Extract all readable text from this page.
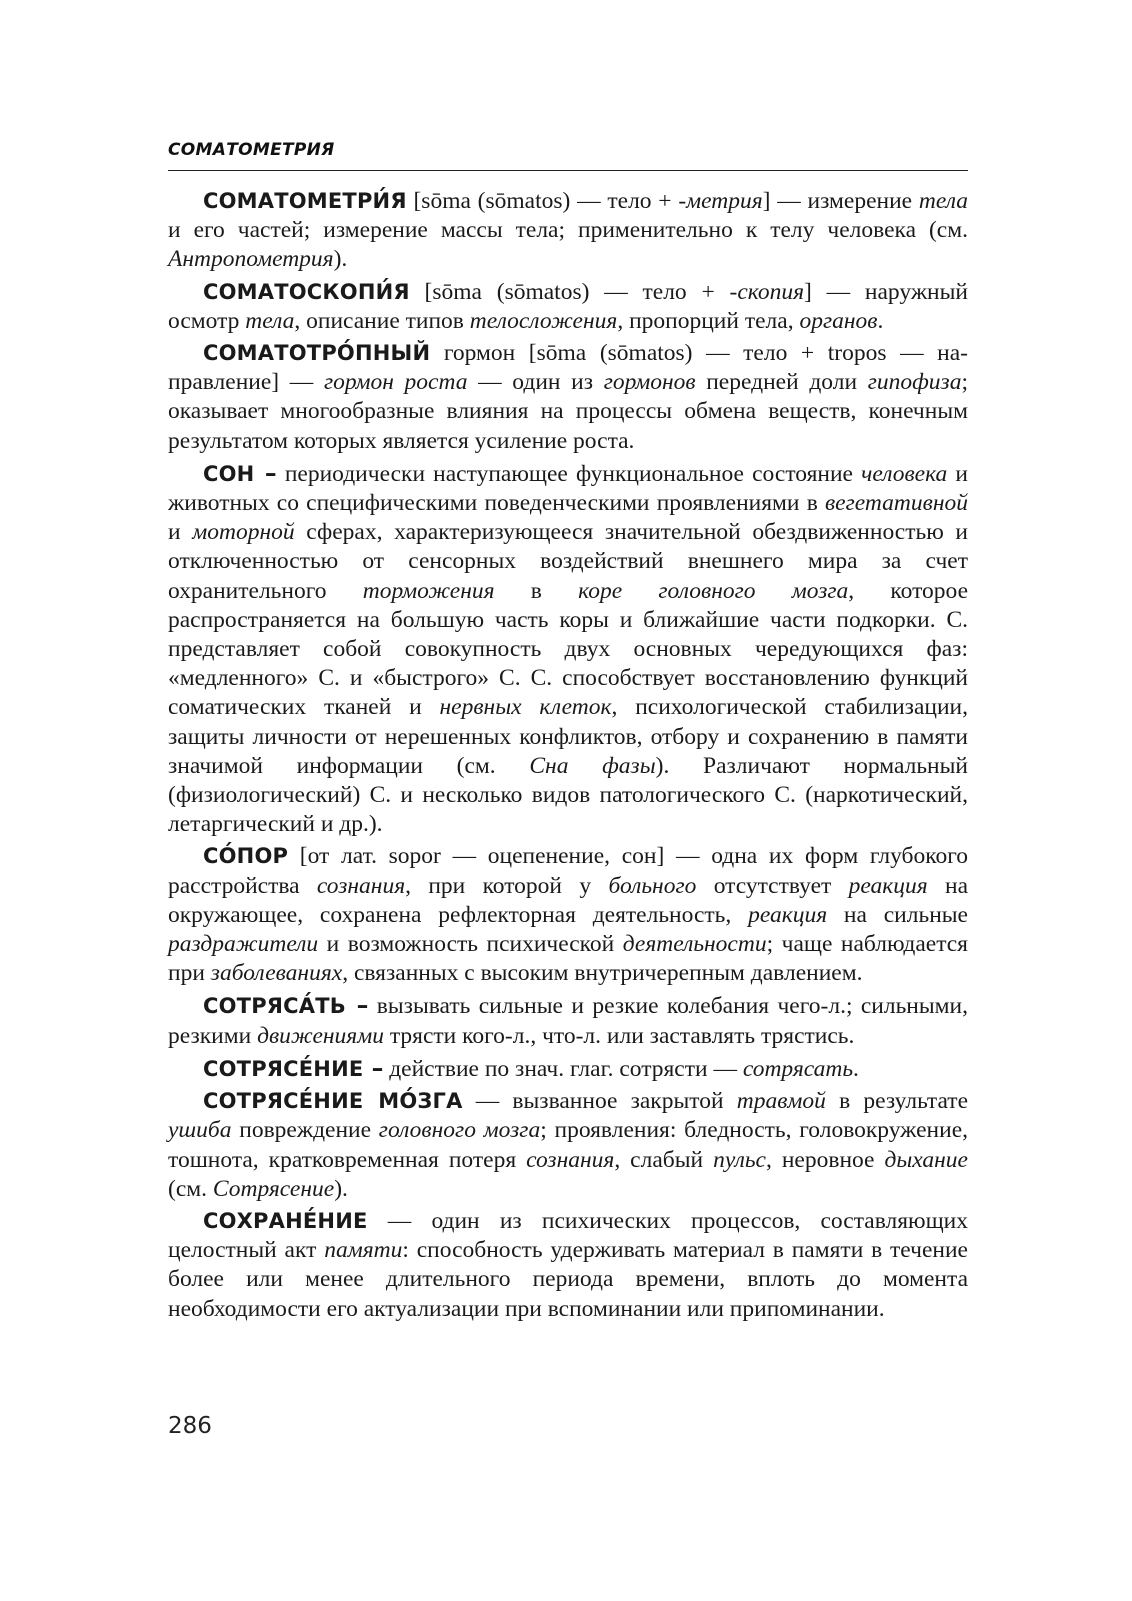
СОМАТОМЕТРИЯ

СОМАТОМЕТРИ́Я [sōma (sōmatos) — тело + -метрия] — измерение тела и его частей; измерение массы тела; применительно к телу человека (см. Антропометрия).

СОМАТОСКОПИ́Я [sōma (sōmatos) — тело + -скопия] — наружный осмотр тела, описание типов телосложения, пропорций тела, органов.

СОМАТОТРО́ПНЫЙ гормон [sōma (sōmatos) — тело + tropos — направление] — гормон роста — один из гормонов передней доли гипофиза; оказывает многообразные влияния на процессы обмена веществ, конечным результатом которых является усиление роста.

СОН – периодически наступающее функциональное состояние человека и животных со специфическими поведенческими проявлениями в вегетативной и моторной сферах, характеризующееся значительной обездвиженностью и отключенностью от сенсорных воздействий внешнего мира за счет охранительного торможения в коре головного мозга, которое распространяется на большую часть коры и ближайшие части подкорки. С. представляет собой совокупность двух основных чередующихся фаз: «медленного» С. и «быстрого» С. С. способствует восстановлению функций соматических тканей и нервных клеток, психологической стабилизации, защиты личности от нерешенных конфликтов, отбору и сохранению в памяти значимой информации (см. Сна фазы). Различают нормальный (физиологический) С. и несколько видов патологического С. (наркотический, летаргический и др.).

СО́ПОР [от лат. sopor — оцепенение, сон] — одна их форм глубокого расстройства сознания, при которой у больного отсутствует реакция на окружающее, сохранена рефлекторная деятельность, реакция на сильные раздражители и возможность психической деятельности; чаще наблюдается при заболеваниях, связанных с высоким внутричерепным давлением.

СОТРЯСА́ТЬ – вызывать сильные и резкие колебания чего-л.; сильными, резкими движениями трясти кого-л., что-л. или заставлять трястись.

СОТРЯСЕ́НИЕ – действие по знач. глаг. сотрясти — сотрясать.

СОТРЯСЕ́НИЕ МО́ЗГА — вызванное закрытой травмой в результате ушиба повреждение головного мозга; проявления: бледность, головокружение, тошнота, кратковременная потеря сознания, слабый пульс, неровное дыхание (см. Сотрясение).

СОХРАНЕ́НИЕ — один из психических процессов, составляющих целостный акт памяти: способность удерживать материал в памяти в течение более или менее длительного периода времени, вплоть до момента необходимости его актуализации при вспоминании или припоминании.

286
